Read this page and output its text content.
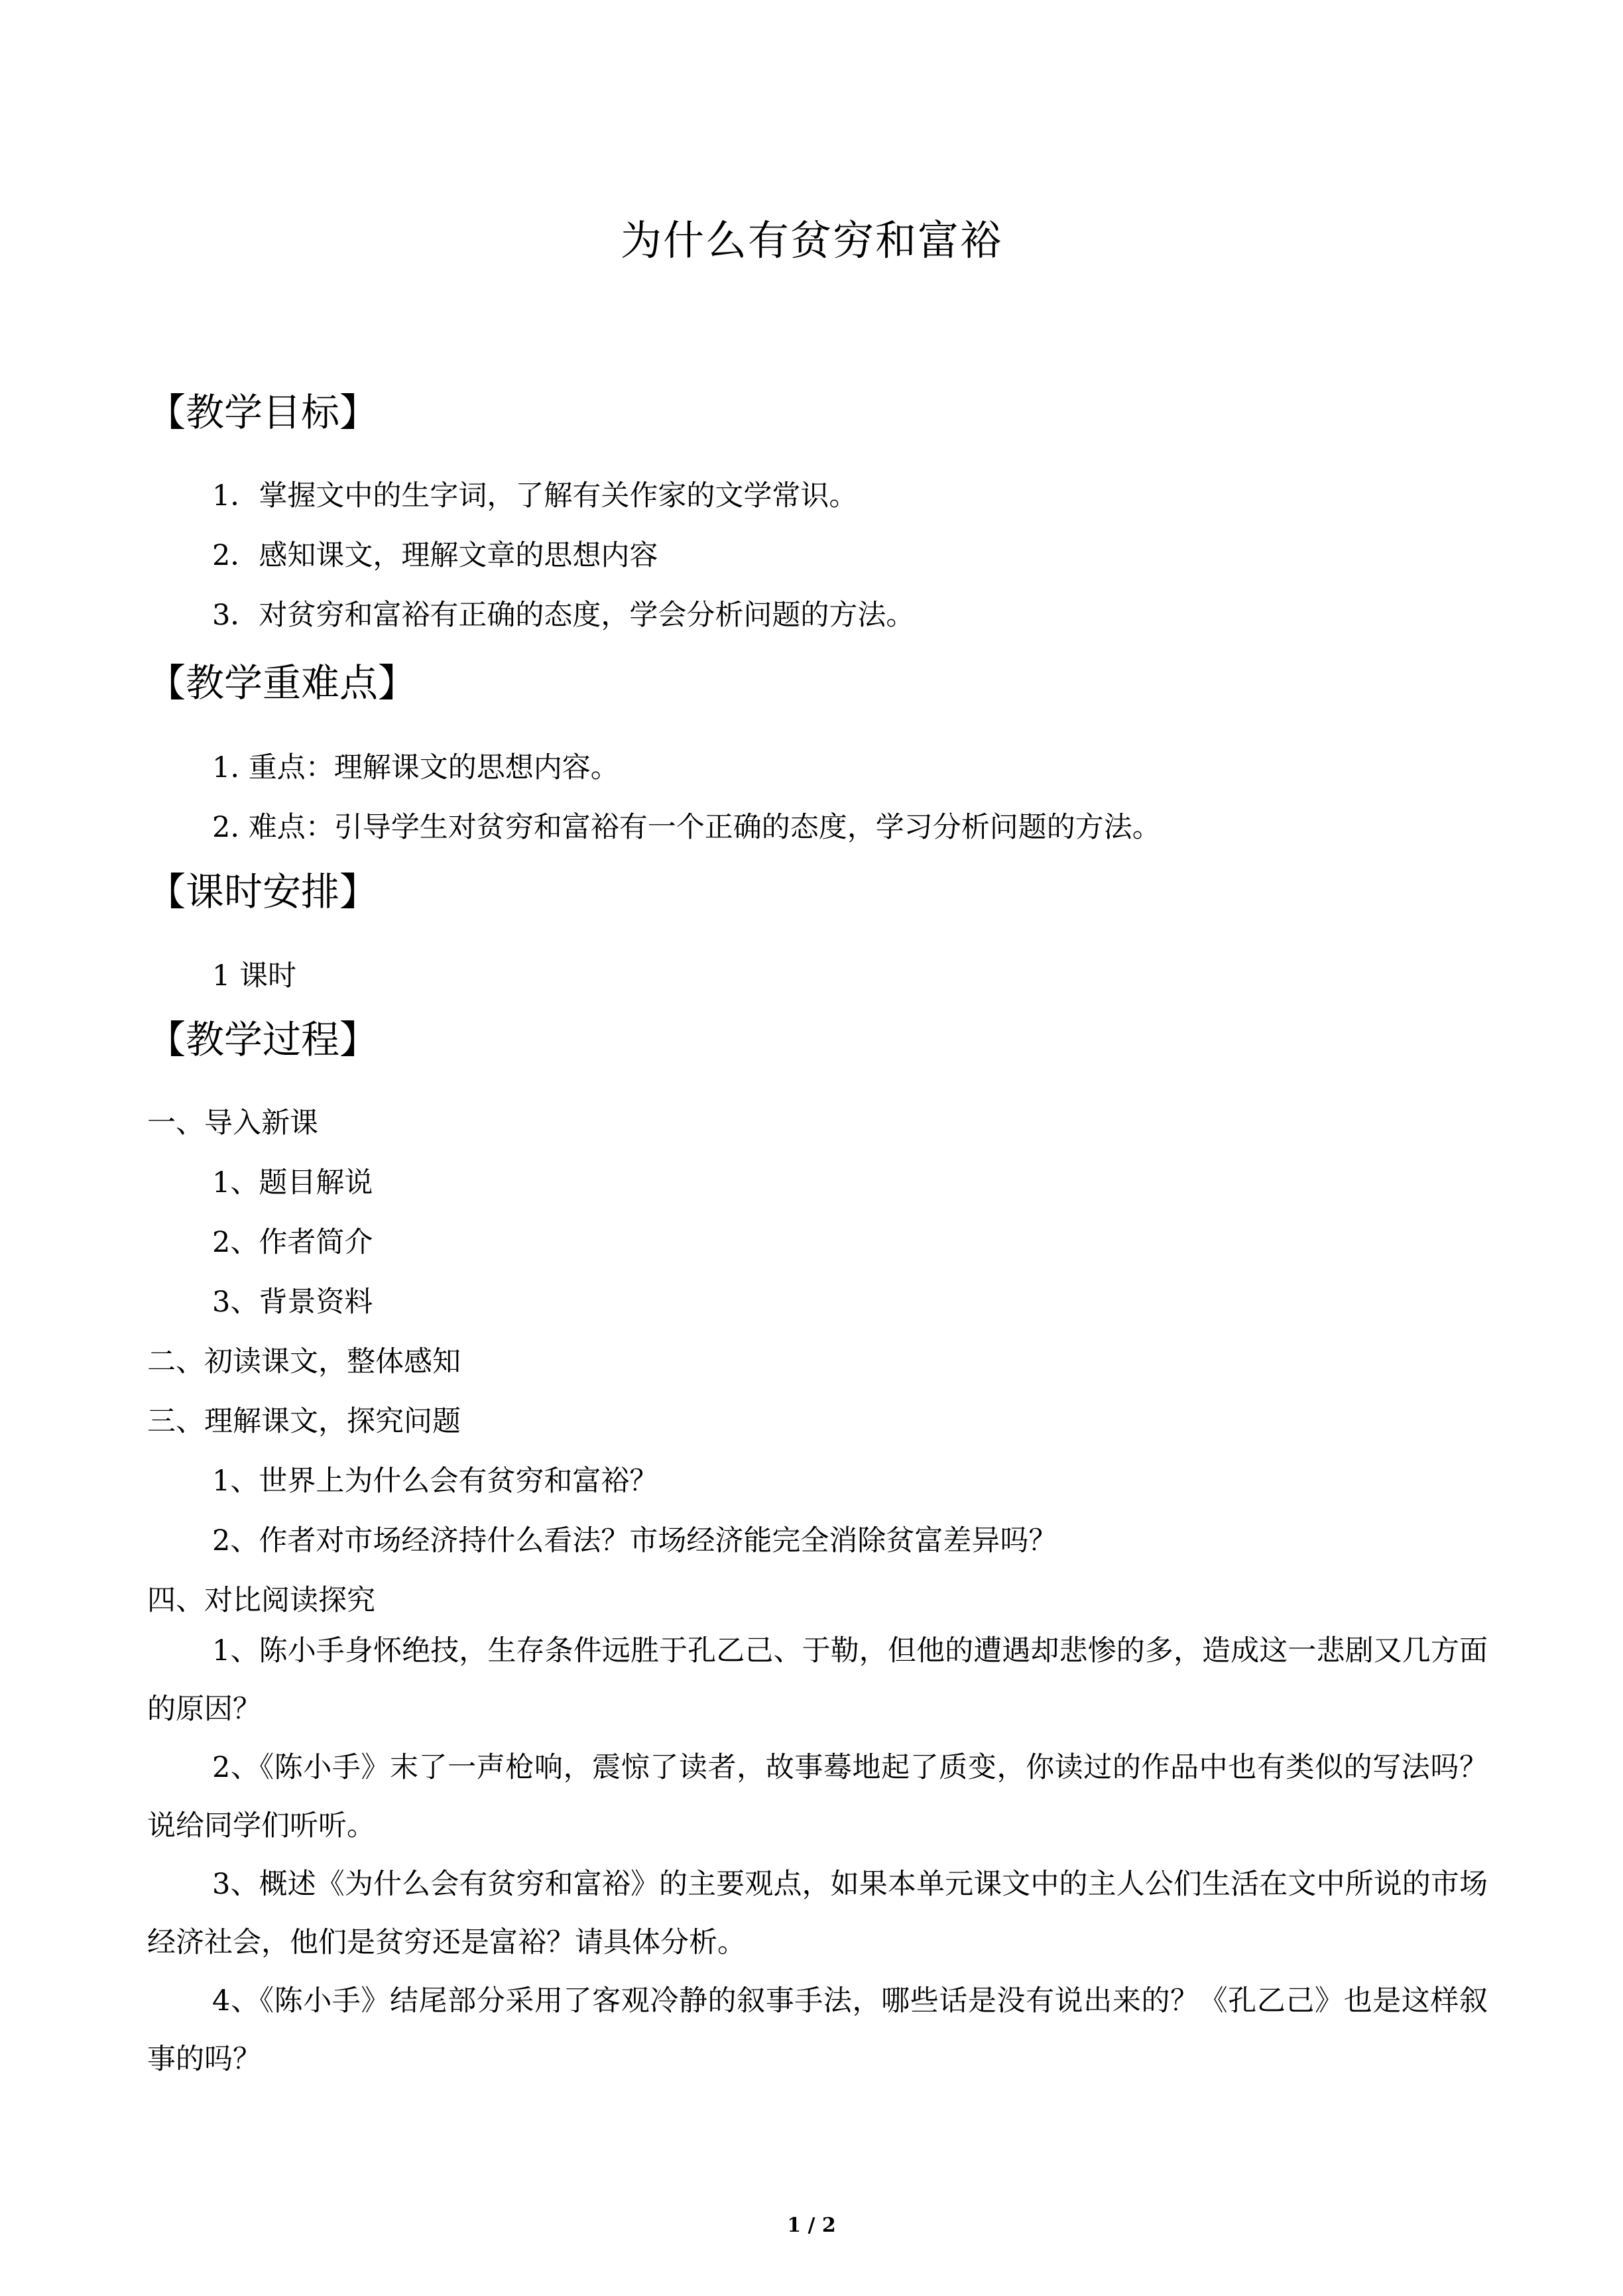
为什么有贫穷和富裕
【教学目标】
1．掌握文中的生字词，了解有关作家的文学常识。
2．感知课文，理解文章的思想内容
3．对贫穷和富裕有正确的态度，学会分析问题的方法。
【教学重难点】
1. 重点：理解课文的思想内容。
2. 难点：引导学生对贫穷和富裕有一个正确的态度，学习分析问题的方法。
【课时安排】
1 课时
【教学过程】
一、导入新课
1、题目解说
2、作者简介
3、背景资料
二、初读课文，整体感知
三、理解课文，探究问题
1、世界上为什么会有贫穷和富裕？
2、作者对市场经济持什么看法？市场经济能完全消除贫富差异吗？
四、对比阅读探究
1、陈小手身怀绝技，生存条件远胜于孔乙己、于勒，但他的遭遇却悲惨的多，造成这一悲剧又几方面的原因？
2、《陈小手》末了一声枪响，震惊了读者，故事蓦地起了质变，你读过的作品中也有类似的写法吗？说给同学们听听。
3、概述《为什么会有贫穷和富裕》的主要观点，如果本单元课文中的主人公们生活在文中所说的市场经济社会，他们是贫穷还是富裕？请具体分析。
4、《陈小手》结尾部分采用了客观冷静的叙事手法，哪些话是没有说出来的？《孔乙己》也是这样叙事的吗？
1 / 2
